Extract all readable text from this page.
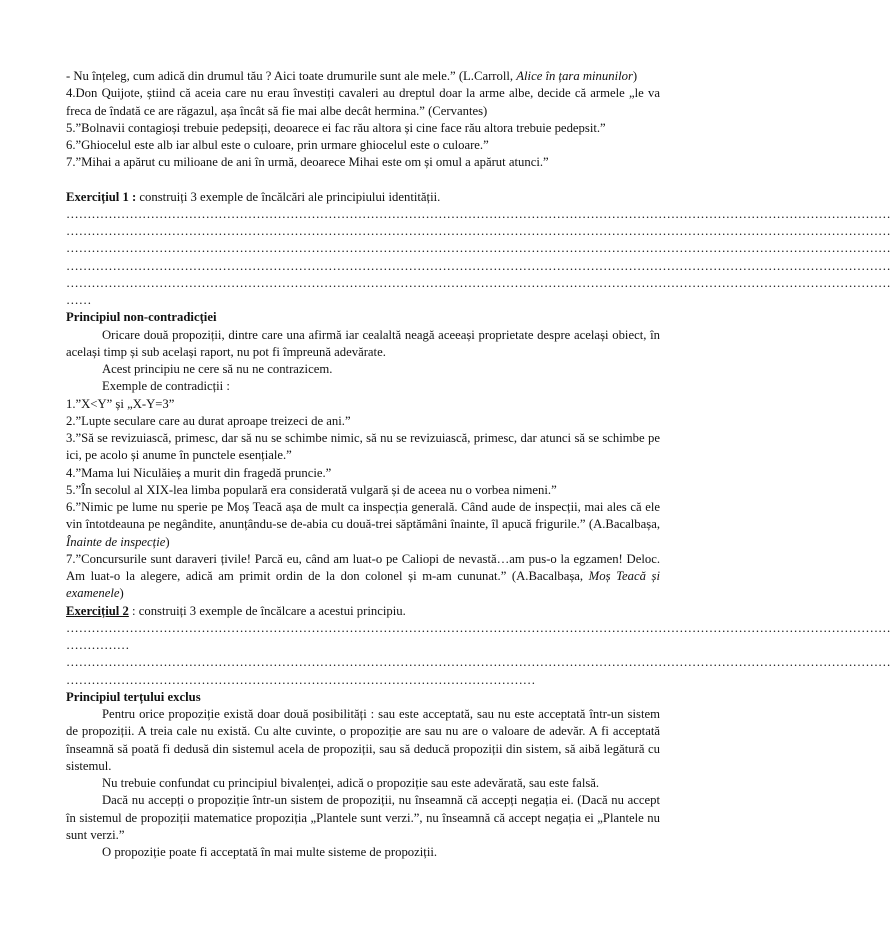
- Nu înțeleg, cum adică din drumul tău ? Aici toate drumurile sunt ale mele.” (L.Carroll, Alice în țara minunilor)

4.Don Quijote, știind că aceia care nu erau învestiți cavaleri au dreptul doar la arme albe, decide că armele „le va freca de îndată ce are răgazul, așa încât să fie mai albe decât hermina.” (Cervantes)

5.”Bolnavii contagioși trebuie pedepsiți, deoarece ei fac rău altora și cine face rău altora trebuie pedepsit.”

6.”Ghiocelul este alb iar albul este o culoare, prin urmare ghiocelul este o culoare.”

7.”Mihai a apărut cu milioane de ani în urmă, deoarece Mihai este om și omul a apărut atunci.”

Exercițiul 1 : construiți 3 exemple de încălcări ale principiului identității.

……………………………………………………………………………………………………………………………………………………………………………

……………………………………………………………………………………………………………………………………………………………………………

……………………………………………………………………………………………………………………………………………………………………………

……………………………………………………………………………………………………………………………………………………………………………

……………………………………………………………………………………………………………………………………………………………………………

……

Principiul non-contradicției

Oricare două propoziții, dintre care una afirmă iar cealaltă neagă aceeași proprietate despre același obiect, în același timp și sub același raport, nu pot fi împreună adevărate.

Acest principiu ne cere să nu ne contrazicem.

Exemple de contradicții :

1.”X<Y” și „X-Y=3”

2.”Lupte seculare care au durat aproape treizeci de ani.”

3.”Să se revizuiască, primesc, dar să nu se schimbe nimic, să nu se revizuiască, primesc, dar atunci să se schimbe pe ici, pe acolo și anume în punctele esențiale.”

4.”Mama lui Niculăieș a murit din fragedă pruncie.”

5.”În secolul al XIX-lea limba populară era considerată vulgară și de aceea nu o vorbea nimeni.”

6.”Nimic pe lume nu sperie pe Moș Teacă așa de mult ca inspecția generală. Când aude de inspecții, mai ales că ele vin întotdeauna pe negândite, anunțându-se de-abia cu două-trei săptămâni înainte, îl apucă frigurile.” (A.Bacalbașa, Înainte de inspecție)

7.”Concursurile sunt daraveri țivile! Parcă eu, când am luat-o pe Caliopi de nevastă…am pus-o la egzamen! Deloc. Am luat-o la alegere, adică am primit ordin de la don colonel și m-am cununat.” (A.Bacalbașa, Moș Teacă și examenele)

Exercițiul 2 : construiți 3 exemple de încălcare a acestui principiu.

……………………………………………………………………………………………………………………………………………………………………………

……………

……………………………………………………………………………………………………………………………………………………………………………

…………………………………………………………………………………………………

Principiul terțului exclus

Pentru orice propoziție există doar două posibilități : sau este acceptată, sau nu este acceptată într-un sistem de propoziții. A treia cale nu există. Cu alte cuvinte, o propoziție are sau nu are o valoare de adevăr. A fi acceptată înseamnă să poată fi dedusă din sistemul acela de propoziții, sau să deducă propoziții din sistem, să aibă legătură cu sistemul.

Nu trebuie confundat cu principiul bivalenței, adică o propoziție sau este adevărată, sau este falsă.

Dacă nu accepți o propoziție într-un sistem de propoziții, nu înseamnă că accepți negația ei. (Dacă nu accept în sistemul de propoziții matematice propoziția „Plantele sunt verzi.”, nu înseamnă că accept negația ei „Plantele nu sunt verzi.”

O propoziție poate fi acceptată în mai multe sisteme de propoziții.
